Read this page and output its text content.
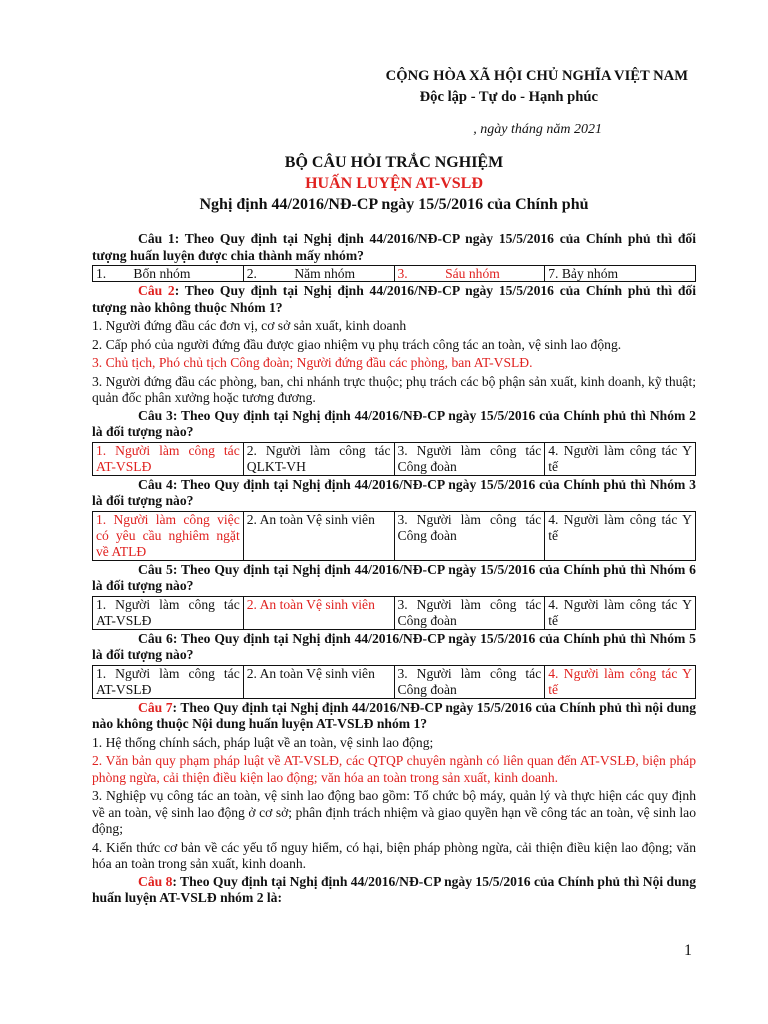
CỘNG HÒA XÃ HỘI CHỦ NGHĨA VIỆT NAM
Độc lập - Tự do - Hạnh phúc
, ngày tháng năm 2021
BỘ CÂU HỎI TRẮC NGHIỆM
HUẤN LUYỆN AT-VSLĐ
Nghị định 44/2016/NĐ-CP ngày 15/5/2016 của Chính phủ
Câu 1: Theo Quy định tại Nghị định 44/2016/NĐ-CP ngày 15/5/2016 của Chính phủ thì đối tượng huấn luyện được chia thành mấy nhóm?
1.        Bốn nhóm	2.           Năm nhóm	3.           Sáu nhóm	7. Bảy nhóm
Câu 2: Theo Quy định tại Nghị định 44/2016/NĐ-CP ngày 15/5/2016 của Chính phủ thì đối tượng nào không thuộc Nhóm 1?
1. Người đứng đầu các đơn vị, cơ sở sản xuất, kinh doanh
2. Cấp phó của người đứng đầu được giao nhiệm vụ phụ trách công tác an toàn, vệ sinh lao động.
3. Chủ tịch, Phó chủ tịch Công đoàn; Người đứng đầu các phòng, ban AT-VSLĐ.
3. Người đứng đầu các phòng, ban, chi nhánh trực thuộc; phụ trách các bộ phận sản xuất, kinh doanh, kỹ thuật; quản đốc phân xưởng hoặc tương đương.
Câu 3: Theo Quy định tại Nghị định 44/2016/NĐ-CP ngày 15/5/2016 của Chính phủ thì Nhóm 2 là đối tượng nào?
1. Người làm công tác AT-VSLĐ	2. Người làm công tác QLKT-VH	3. Người làm công tác Công đoàn	4. Người làm công tác Y tế
Câu 4: Theo Quy định tại Nghị định 44/2016/NĐ-CP ngày 15/5/2016 của Chính phủ thì Nhóm 3 là đối tượng nào?
1. Người làm công việc có yêu cầu nghiêm ngặt về ATLĐ	2. An toàn Vệ sinh viên	3. Người làm công tác Công đoàn	4. Người làm công tác Y tế
Câu 5: Theo Quy định tại Nghị định 44/2016/NĐ-CP ngày 15/5/2016 của Chính phủ thì Nhóm 6 là đối tượng nào?
1. Người làm công tác AT-VSLĐ	2. An toàn Vệ sinh viên	3. Người làm công tác Công đoàn	4. Người làm công tác Y tế
Câu 6: Theo Quy định tại Nghị định 44/2016/NĐ-CP ngày 15/5/2016 của Chính phủ thì Nhóm 5 là đối tượng nào?
1. Người làm công tác AT-VSLĐ	2. An toàn Vệ sinh viên	3. Người làm công tác Công đoàn	4. Người làm công tác Y tế
Câu 7: Theo Quy định tại Nghị định 44/2016/NĐ-CP ngày 15/5/2016 của Chính phủ thì nội dung nào không thuộc Nội dung huấn luyện AT-VSLĐ nhóm 1?
1. Hệ thống chính sách, pháp luật về an toàn, vệ sinh lao động;
2. Văn bản quy phạm pháp luật về AT-VSLĐ, các QTQP chuyên ngành có liên quan đến AT-VSLĐ, biện pháp phòng ngừa, cải thiện điều kiện lao động; văn hóa an toàn trong sản xuất, kinh doanh.
3. Nghiệp vụ công tác an toàn, vệ sinh lao động bao gồm: Tổ chức bộ máy, quản lý và thực hiện các quy định về an toàn, vệ sinh lao động ở cơ sở; phân định trách nhiệm và giao quyền hạn về công tác an toàn, vệ sinh lao động;
4. Kiến thức cơ bản về các yếu tố nguy hiểm, có hại, biện pháp phòng ngừa, cải thiện điều kiện lao động; văn hóa an toàn trong sản xuất, kinh doanh.
Câu 8: Theo Quy định tại Nghị định 44/2016/NĐ-CP ngày 15/5/2016 của Chính phủ thì Nội dung huấn luyện AT-VSLĐ nhóm 2 là:
1
